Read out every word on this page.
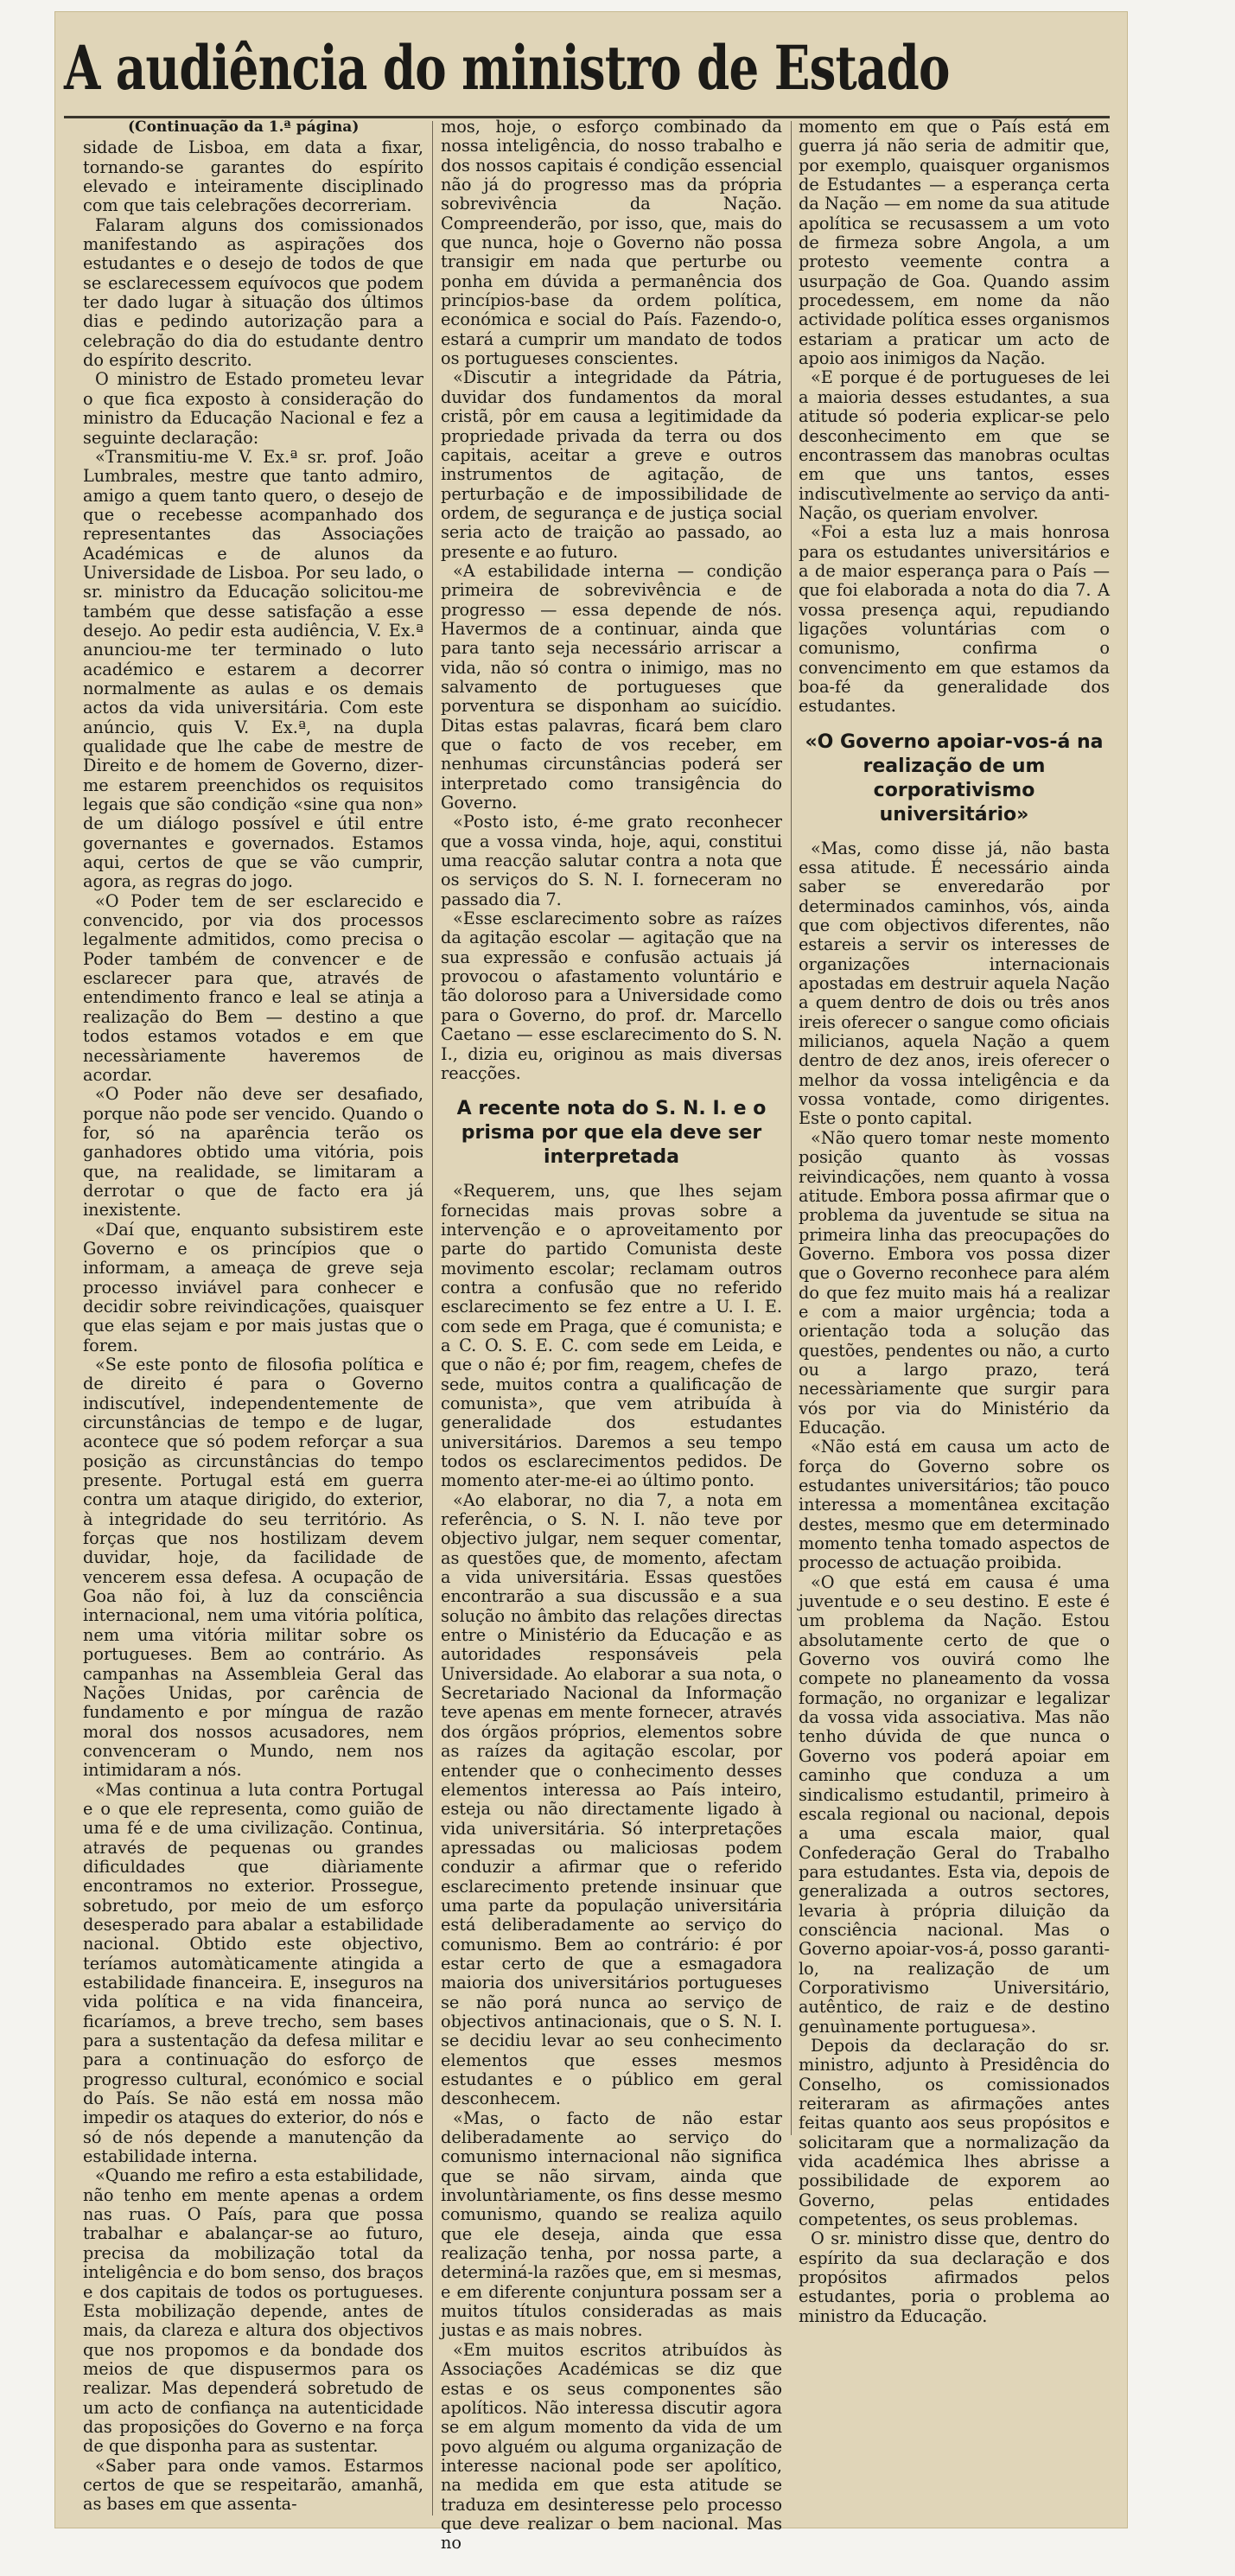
A audiência do ministro de Estado
(Continuação da 1.ª página)

sidade de Lisboa, em data a fixar, tornando-se garantes do espírito elevado e inteiramente disciplinado com que tais celebrações decorreriam.

Falaram alguns dos comissionados manifestando as aspirações dos estudantes e o desejo de todos de que se esclarecessem equívocos que podem ter dado lugar à situação dos últimos dias e pedindo autorização para a celebração do dia do estudante dentro do espírito descrito.

O ministro de Estado prometeu levar o que fica exposto à consideração do ministro da Educação Nacional e fez a seguinte declaração:

«Transmitiu-me V. Ex.ª sr. prof. João Lumbrales, mestre que tanto admiro, amigo a quem tanto quero, o desejo de que o recebesse acompanhado dos representantes das Associações Académicas e de alunos da Universidade de Lisboa. Por seu lado, o sr. ministro da Educação solicitou-me também que desse satisfação a esse desejo. Ao pedir esta audiência, V. Ex.ª anunciou-me ter terminado o luto académico e estarem a decorrer normalmente as aulas e os demais actos da vida universitária. Com este anúncio, quis V. Ex.ª, na dupla qualidade que lhe cabe de mestre de Direito e de homem de Governo, dizer-me estarem preenchidos os requisitos legais que são condição «sine qua non» de um diálogo possível e útil entre governantes e governados. Estamos aqui, certos de que se vão cumprir, agora, as regras do jogo.

«O Poder tem de ser esclarecido e convencido, por via dos processos legalmente admitidos, como precisa o Poder também de convencer e de esclarecer para que, através de entendimento franco e leal se atinja a realização do Bem — destino a que todos estamos votados e em que necessàriamente haveremos de acordar.

«O Poder não deve ser desafiado, porque não pode ser vencido. Quando o for, só na aparência terão os ganhadores obtido uma vitória, pois que, na realidade, se limitaram a derrotar o que de facto era já inexistente.

«Daí que, enquanto subsistirem este Governo e os princípios que o informam, a ameaça de greve seja processo inviável para conhecer e decidir sobre reivindicações, quaisquer que elas sejam e por mais justas que o forem.

«Se este ponto de filosofia política e de direito é para o Governo indiscutível, independentemente de circunstâncias de tempo e de lugar, acontece que só podem reforçar a sua posição as circunstâncias do tempo presente. Portugal está em guerra contra um ataque dirigido, do exterior, à integridade do seu território. As forças que nos hostilizam devem duvidar, hoje, da facilidade de vencerem essa defesa. A ocupação de Goa não foi, à luz da consciência internacional, nem uma vitória política, nem uma vitória militar sobre os portugueses. Bem ao contrário. As campanhas na Assembleia Geral das Nações Unidas, por carência de fundamento e por míngua de razão moral dos nossos acusadores, nem convenceram o Mundo, nem nos intimidaram a nós.

«Mas continua a luta contra Portugal e o que ele representa, como guião de uma fé e de uma civilização. Continua, através de pequenas ou grandes dificuldades que diàriamente encontramos no exterior. Prossegue, sobretudo, por meio de um esforço desesperado para abalar a estabilidade nacional. Obtido este objectivo, teríamos automàticamente atingida a estabilidade financeira. E, inseguros na vida política e na vida financeira, ficaríamos, a breve trecho, sem bases para a sustentação da defesa militar e para a continuação do esforço de progresso cultural, económico e social do País. Se não está em nossa mão impedir os ataques do exterior, do nós e só de nós depende a manutenção da estabilidade interna.

«Quando me refiro a esta estabilidade, não tenho em mente apenas a ordem nas ruas. O País, para que possa trabalhar e abalançar-se ao futuro, precisa da mobilização total da inteligência e do bom senso, dos braços e dos capitais de todos os portugueses. Esta mobilização depende, antes de mais, da clareza e altura dos objectivos que nos propomos e da bondade dos meios de que dispusermos para os realizar. Mas dependerá sobretudo de um acto de confiança na autenticidade das proposições do Governo e na força de que disponha para as sustentar.

«Saber para onde vamos. Estarmos certos de que se respeitarão, amanhã, as bases em que assenta-

mos, hoje, o esforço combinado da nossa inteligência, do nosso trabalho e dos nossos capitais é condição essencial não já do progresso mas da própria sobrevivência da Nação. Compreenderão, por isso, que, mais do que nunca, hoje o Governo não possa transigir em nada que perturbe ou ponha em dúvida a permanência dos princípios-base da ordem política, económica e social do País. Fazendo-o, estará a cumprir um mandato de todos os portugueses conscientes.

«Discutir a integridade da Pátria, duvidar dos fundamentos da moral cristã, pôr em causa a legitimidade da propriedade privada da terra ou dos capitais, aceitar a greve e outros instrumentos de agitação, de perturbação e de impossibilidade de ordem, de segurança e de justiça social seria acto de traição ao passado, ao presente e ao futuro.

«A estabilidade interna — condição primeira de sobrevivência e de progresso — essa depende de nós. Havermos de a continuar, ainda que para tanto seja necessário arriscar a vida, não só contra o inimigo, mas no salvamento de portugueses que porventura se disponham ao suicídio. Ditas estas palavras, ficará bem claro que o facto de vos receber, em nenhumas circunstâncias poderá ser interpretado como transigência do Governo.

«Posto isto, é-me grato reconhecer que a vossa vinda, hoje, aqui, constitui uma reacção salutar contra a nota que os serviços do S. N. I. forneceram no passado dia 7.

«Esse esclarecimento sobre as raízes da agitação escolar — agitação que na sua expressão e confusão actuais já provocou o afastamento voluntário e tão doloroso para a Universidade como para o Governo, do prof. dr. Marcello Caetano — esse esclarecimento do S. N. I., dizia eu, originou as mais diversas reacções.

A recente nota do S. N. I. e o prisma por que ela deve ser interpretada

«Requerem, uns, que lhes sejam fornecidas mais provas sobre a intervenção e o aproveitamento por parte do partido Comunista deste movimento escolar; reclamam outros contra a confusão que no referido esclarecimento se fez entre a U. I. E. com sede em Praga, que é comunista; e a C. O. S. E. C. com sede em Leida, e que o não é; por fim, reagem, chefes de sede, muitos contra a qualificação de comunista», que vem atribuída à generalidade dos estudantes universitários. Daremos a seu tempo todos os esclarecimentos pedidos. De momento ater-me-ei ao último ponto.

«Ao elaborar, no dia 7, a nota em referência, o S. N. I. não teve por objectivo julgar, nem sequer comentar, as questões que, de momento, afectam a vida universitária. Essas questões encontrarão a sua discussão e a sua solução no âmbito das relações directas entre o Ministério da Educação e as autoridades responsáveis pela Universidade. Ao elaborar a sua nota, o Secretariado Nacional da Informação teve apenas em mente fornecer, através dos órgãos próprios, elementos sobre as raízes da agitação escolar, por entender que o conhecimento desses elementos interessa ao País inteiro, esteja ou não directamente ligado à vida universitária. Só interpretações apressadas ou maliciosas podem conduzir a afirmar que o referido esclarecimento pretende insinuar que uma parte da população universitária está deliberadamente ao serviço do comunismo. Bem ao contrário: é por estar certo de que a esmagadora maioria dos universitários portugueses se não porá nunca ao serviço de objectivos antinacionais, que o S. N. I. se decidiu levar ao seu conhecimento elementos que esses mesmos estudantes e o público em geral desconhecem.

«Mas, o facto de não estar deliberadamente ao serviço do comunismo internacional não significa que se não sirvam, ainda que involuntàriamente, os fins desse mesmo comunismo, quando se realiza aquilo que ele deseja, ainda que essa realização tenha, por nossa parte, a determiná-la razões que, em si mesmas, e em diferente conjuntura possam ser a muitos títulos consideradas as mais justas e as mais nobres.

«Em muitos escritos atribuídos às Associações Académicas se diz que estas e os seus componentes são apolíticos. Não interessa discutir agora se em algum momento da vida de um povo alguém ou alguma organização de interesse nacional pode ser apolítico, na medida em que esta atitude se traduza em desinteresse pelo processo que deve realizar o bem nacional. Mas no

momento em que o País está em guerra já não seria de admitir que, por exemplo, quaisquer organismos de Estudantes — a esperança certa da Nação — em nome da sua atitude apolítica se recusassem a um voto de firmeza sobre Angola, a um protesto veemente contra a usurpação de Goa. Quando assim procedessem, em nome da não actividade política esses organismos estariam a praticar um acto de apoio aos inimigos da Nação.

«E porque é de portugueses de lei a maioria desses estudantes, a sua atitude só poderia explicar-se pelo desconhecimento em que se encontrassem das manobras ocultas em que uns tantos, esses indiscutìvelmente ao serviço da anti-Nação, os queriam envolver.

«Foi a esta luz a mais honrosa para os estudantes universitários e a de maior esperança para o País — que foi elaborada a nota do dia 7. A vossa presença aqui, repudiando ligações voluntárias com o comunismo, confirma o convencimento em que estamos da boa-fé da generalidade dos estudantes.

«O Governo apoiar-vos-á na realização de um corporativismo universitário»

«Mas, como disse já, não basta essa atitude. É necessário ainda saber se enveredarão por determinados caminhos, vós, ainda que com objectivos diferentes, não estareis a servir os interesses de organizações internacionais apostadas em destruir aquela Nação a quem dentro de dois ou três anos ireis oferecer o sangue como oficiais milicianos, aquela Nação a quem dentro de dez anos, ireis oferecer o melhor da vossa inteligência e da vossa vontade, como dirigentes. Este o ponto capital.

«Não quero tomar neste momento posição quanto às vossas reivindicações, nem quanto à vossa atitude. Embora possa afirmar que o problema da juventude se situa na primeira linha das preocupações do Governo. Embora vos possa dizer que o Governo reconhece para além do que fez muito mais há a realizar e com a maior urgência; toda a orientação toda a solução das questões, pendentes ou não, a curto ou a largo prazo, terá necessàriamente que surgir para vós por via do Ministério da Educação.

«Não está em causa um acto de força do Governo sobre os estudantes universitários; tão pouco interessa a momentânea excitação destes, mesmo que em determinado momento tenha tomado aspectos de processo de actuação proibida.

«O que está em causa é uma juventude e o seu destino. E este é um problema da Nação. Estou absolutamente certo de que o Governo vos ouvirá como lhe compete no planeamento da vossa formação, no organizar e legalizar da vossa vida associativa. Mas não tenho dúvida de que nunca o Governo vos poderá apoiar em caminho que conduza a um sindicalismo estudantil, primeiro à escala regional ou nacional, depois a uma escala maior, qual Confederação Geral do Trabalho para estudantes. Esta via, depois de generalizada a outros sectores, levaria à própria diluição da consciência nacional. Mas o Governo apoiar-vos-á, posso garanti-lo, na realização de um Corporativismo Universitário, autêntico, de raiz e de destino genuìnamente portuguesa».

Depois da declaração do sr. ministro, adjunto à Presidência do Conselho, os comissionados reiteraram as afirmações antes feitas quanto aos seus propósitos e solicitaram que a normalização da vida académica lhes abrisse a possibilidade de exporem ao Governo, pelas entidades competentes, os seus problemas.

O sr. ministro disse que, dentro do espírito da sua declaração e dos propósitos afirmados pelos estudantes, poria o problema ao ministro da Educação.
